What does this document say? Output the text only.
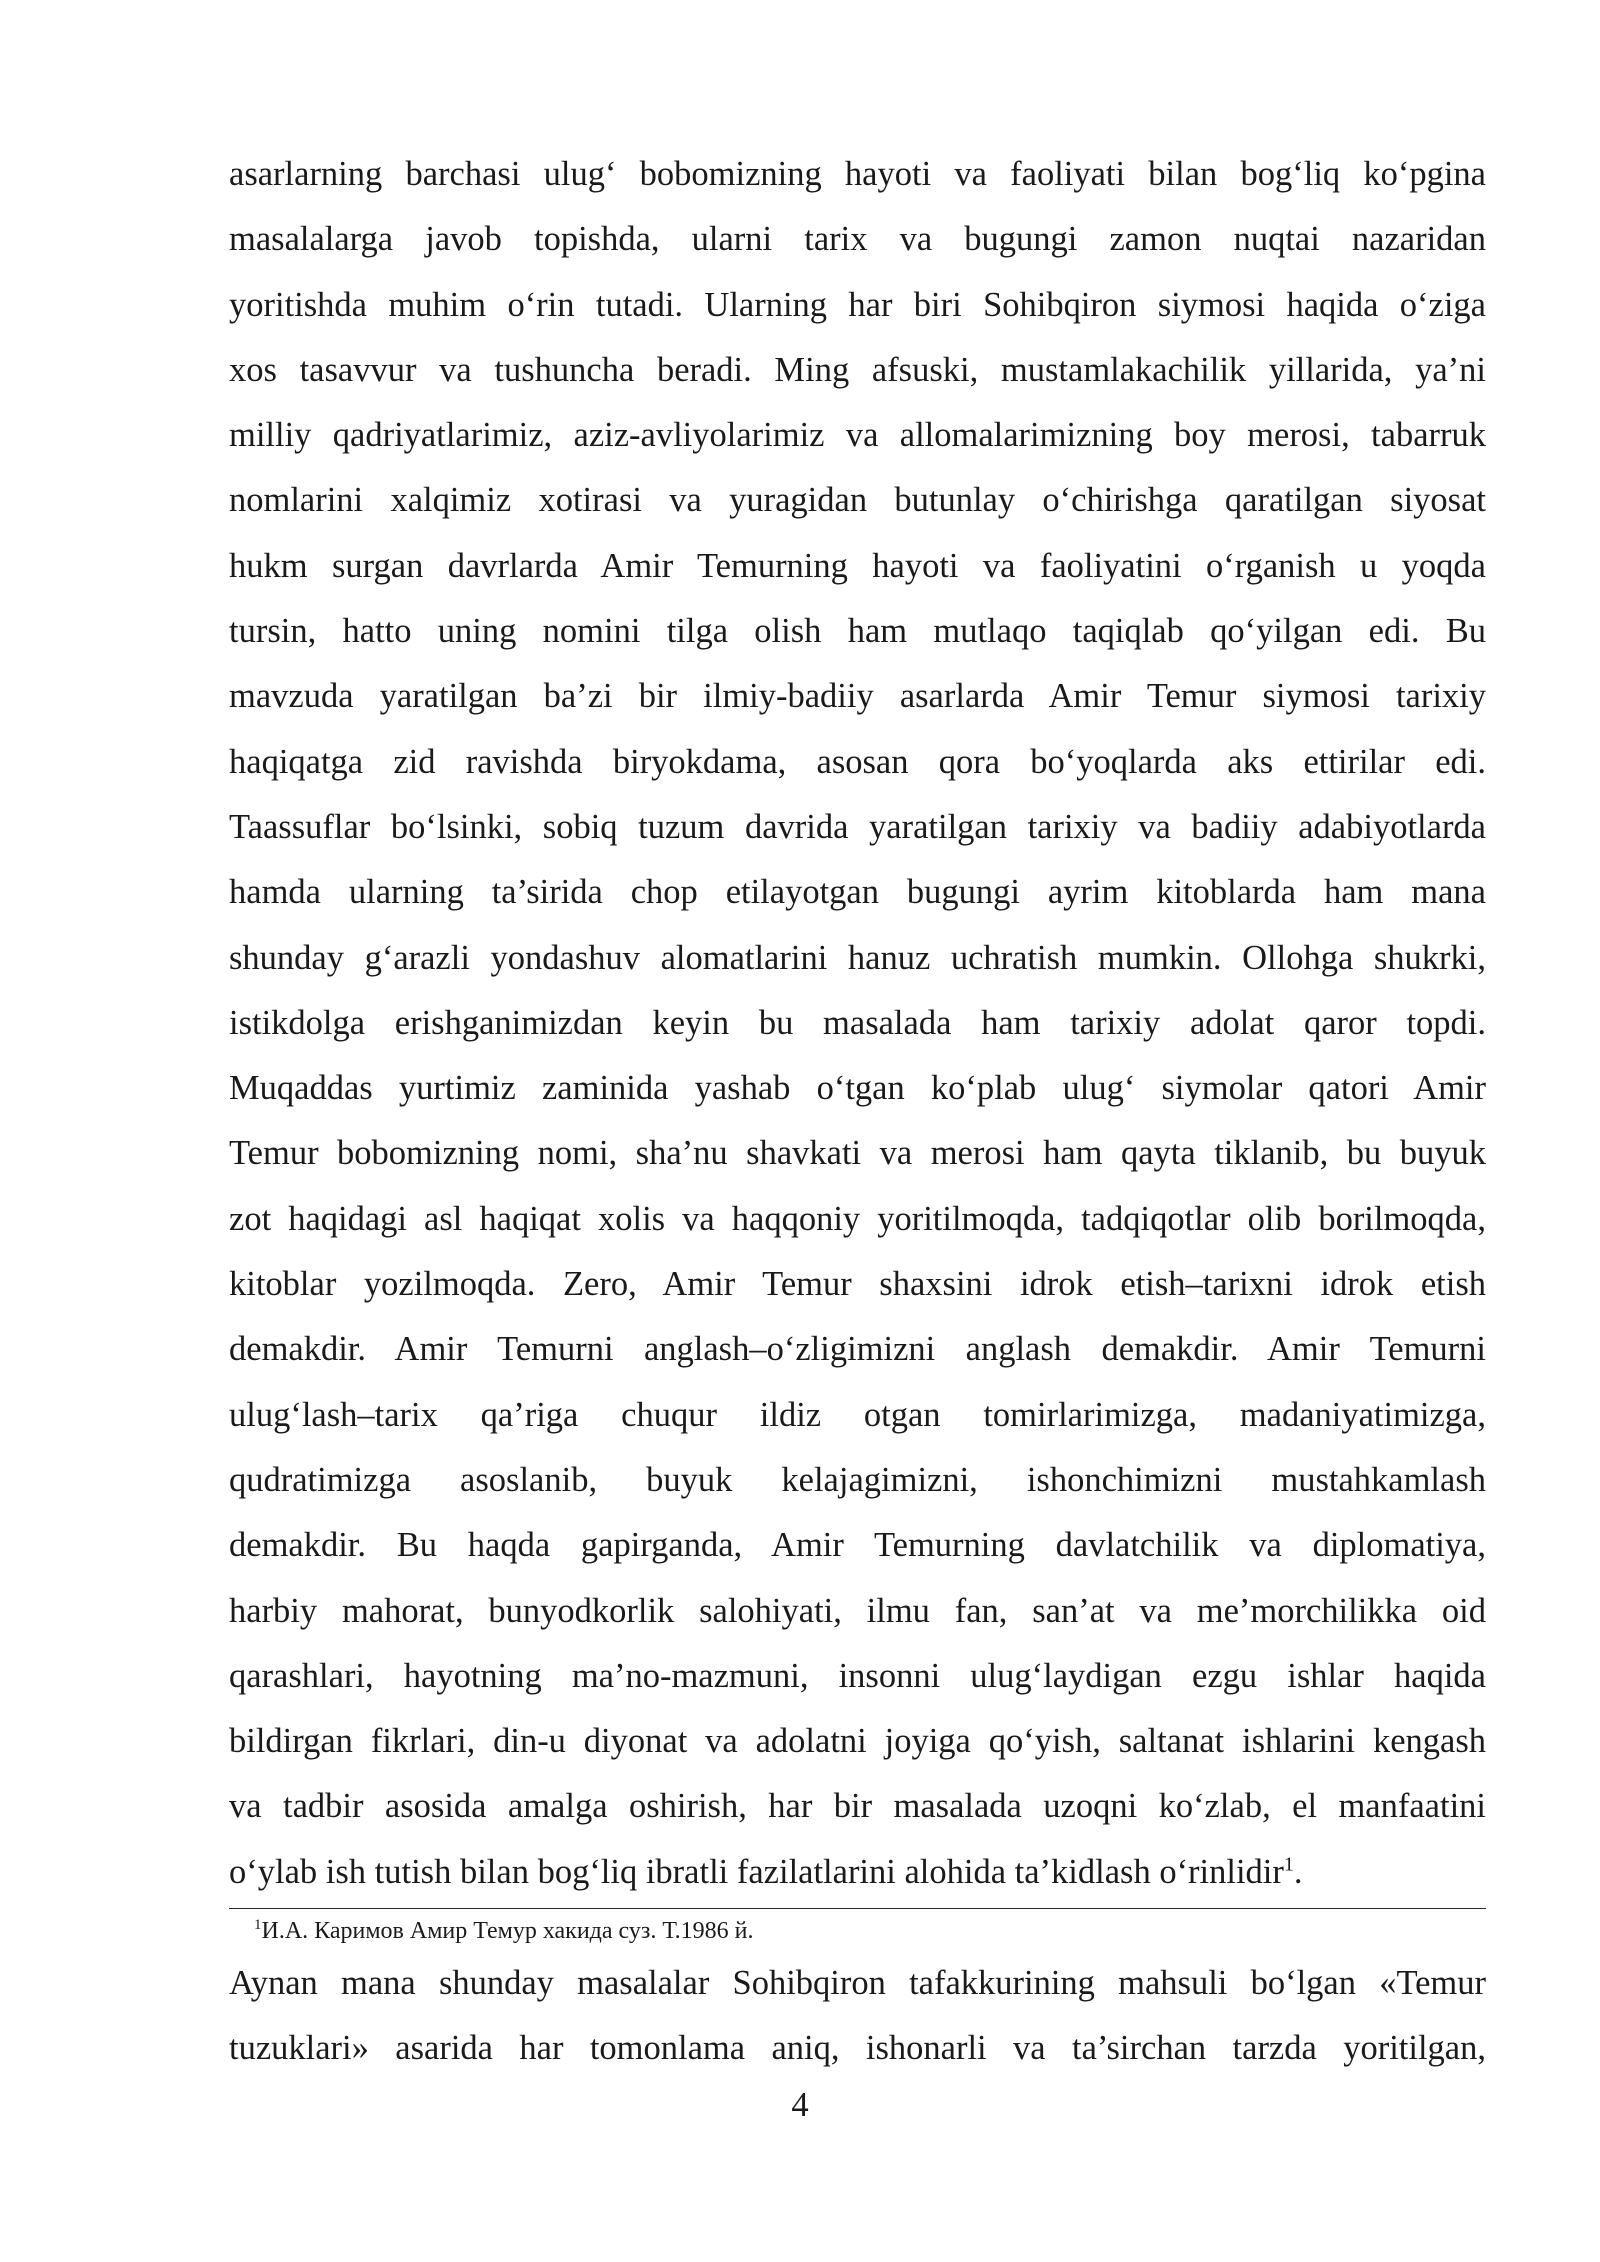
asarlarning barchasi ulug‘ bobomizning hayoti va faoliyati bilan bog‘liq ko‘pgina
masalalarga javob topishda, ularni tarix va bugungi zamon nuqtai nazaridan
yoritishda muhim o‘rin tutadi. Ularning har biri Sohibqiron siymosi haqida o‘ziga
xos tasavvur va tushuncha beradi. Ming afsuski, mustamlakachilik yillarida, ya’ni
milliy qadriyatlarimiz, aziz-avliyolarimiz va allomalarimizning boy merosi, tabarruk
nomlarini xalqimiz xotirasi va yuragidan butunlay o‘chirishga qaratilgan siyosat
hukm surgan davrlarda Amir Temurning hayoti va faoliyatini o‘rganish u yoqda
tursin, hatto uning nomini tilga olish ham mutlaqo taqiqlab qo‘yilgan edi. Bu
mavzuda yaratilgan ba’zi bir ilmiy-badiiy asarlarda Amir Temur siymosi tarixiy
haqiqatga zid ravishda biryokdama, asosan qora bo‘yoqlarda aks ettirilar edi.
Taassuflar bo‘lsinki, sobiq tuzum davrida yaratilgan tarixiy va badiiy adabiyotlarda
hamda ularning ta’sirida chop etilayotgan bugungi ayrim kitoblarda ham mana
shunday g‘arazli yondashuv alomatlarini hanuz uchratish mumkin. Ollohga shukrki,
istikdolga erishganimizdan keyin bu masalada ham tarixiy adolat qaror topdi.
Muqaddas yurtimiz zaminida yashab o‘tgan ko‘plab ulug‘ siymolar qatori Amir
Temur bobomizning nomi, sha’nu shavkati va merosi ham qayta tiklanib, bu buyuk
zot haqidagi asl haqiqat xolis va haqqoniy yoritilmoqda, tadqiqotlar olib borilmoqda,
kitoblar yozilmoqda. Zero, Amir Temur shaxsini idrok etish–tarixni idrok etish
demakdir. Amir Temurni anglash–o‘zligimizni anglash demakdir. Amir Temurni
ulug‘lash–tarix qa’riga chuqur ildiz otgan tomirlarimizga, madaniyatimizga,
qudratimizga asoslanib, buyuk kelajagimizni, ishonchimizni mustahkamlash
demakdir. Bu haqda gapirganda, Amir Temurning davlatchilik va diplomatiya,
harbiy mahorat, bunyodkorlik salohiyati, ilmu fan, san’at va me’morchilikka oid
qarashlari, hayotning ma’no-mazmuni, insonni ulug‘laydigan ezgu ishlar haqida
bildirgan fikrlari, din-u diyonat va adolatni joyiga qo‘yish, saltanat ishlarini kengash
va tadbir asosida amalga oshirish, har bir masalada uzoqni ko‘zlab, el manfaatini
o‘ylab ish tutish bilan bog‘liq ibratli fazilatlarini alohida ta’kidlash o‘rinlidir$^1$.
$^1$И.А. Каримов Амир Темур хакида суз. Т.1986 й.
Aynan mana shunday masalalar Sohibqiron tafakkurining mahsuli bo‘lgan «Temur
tuzuklari» asarida har tomonlama aniq, ishonarli va ta’sirchan tarzda yoritilgan,
4
